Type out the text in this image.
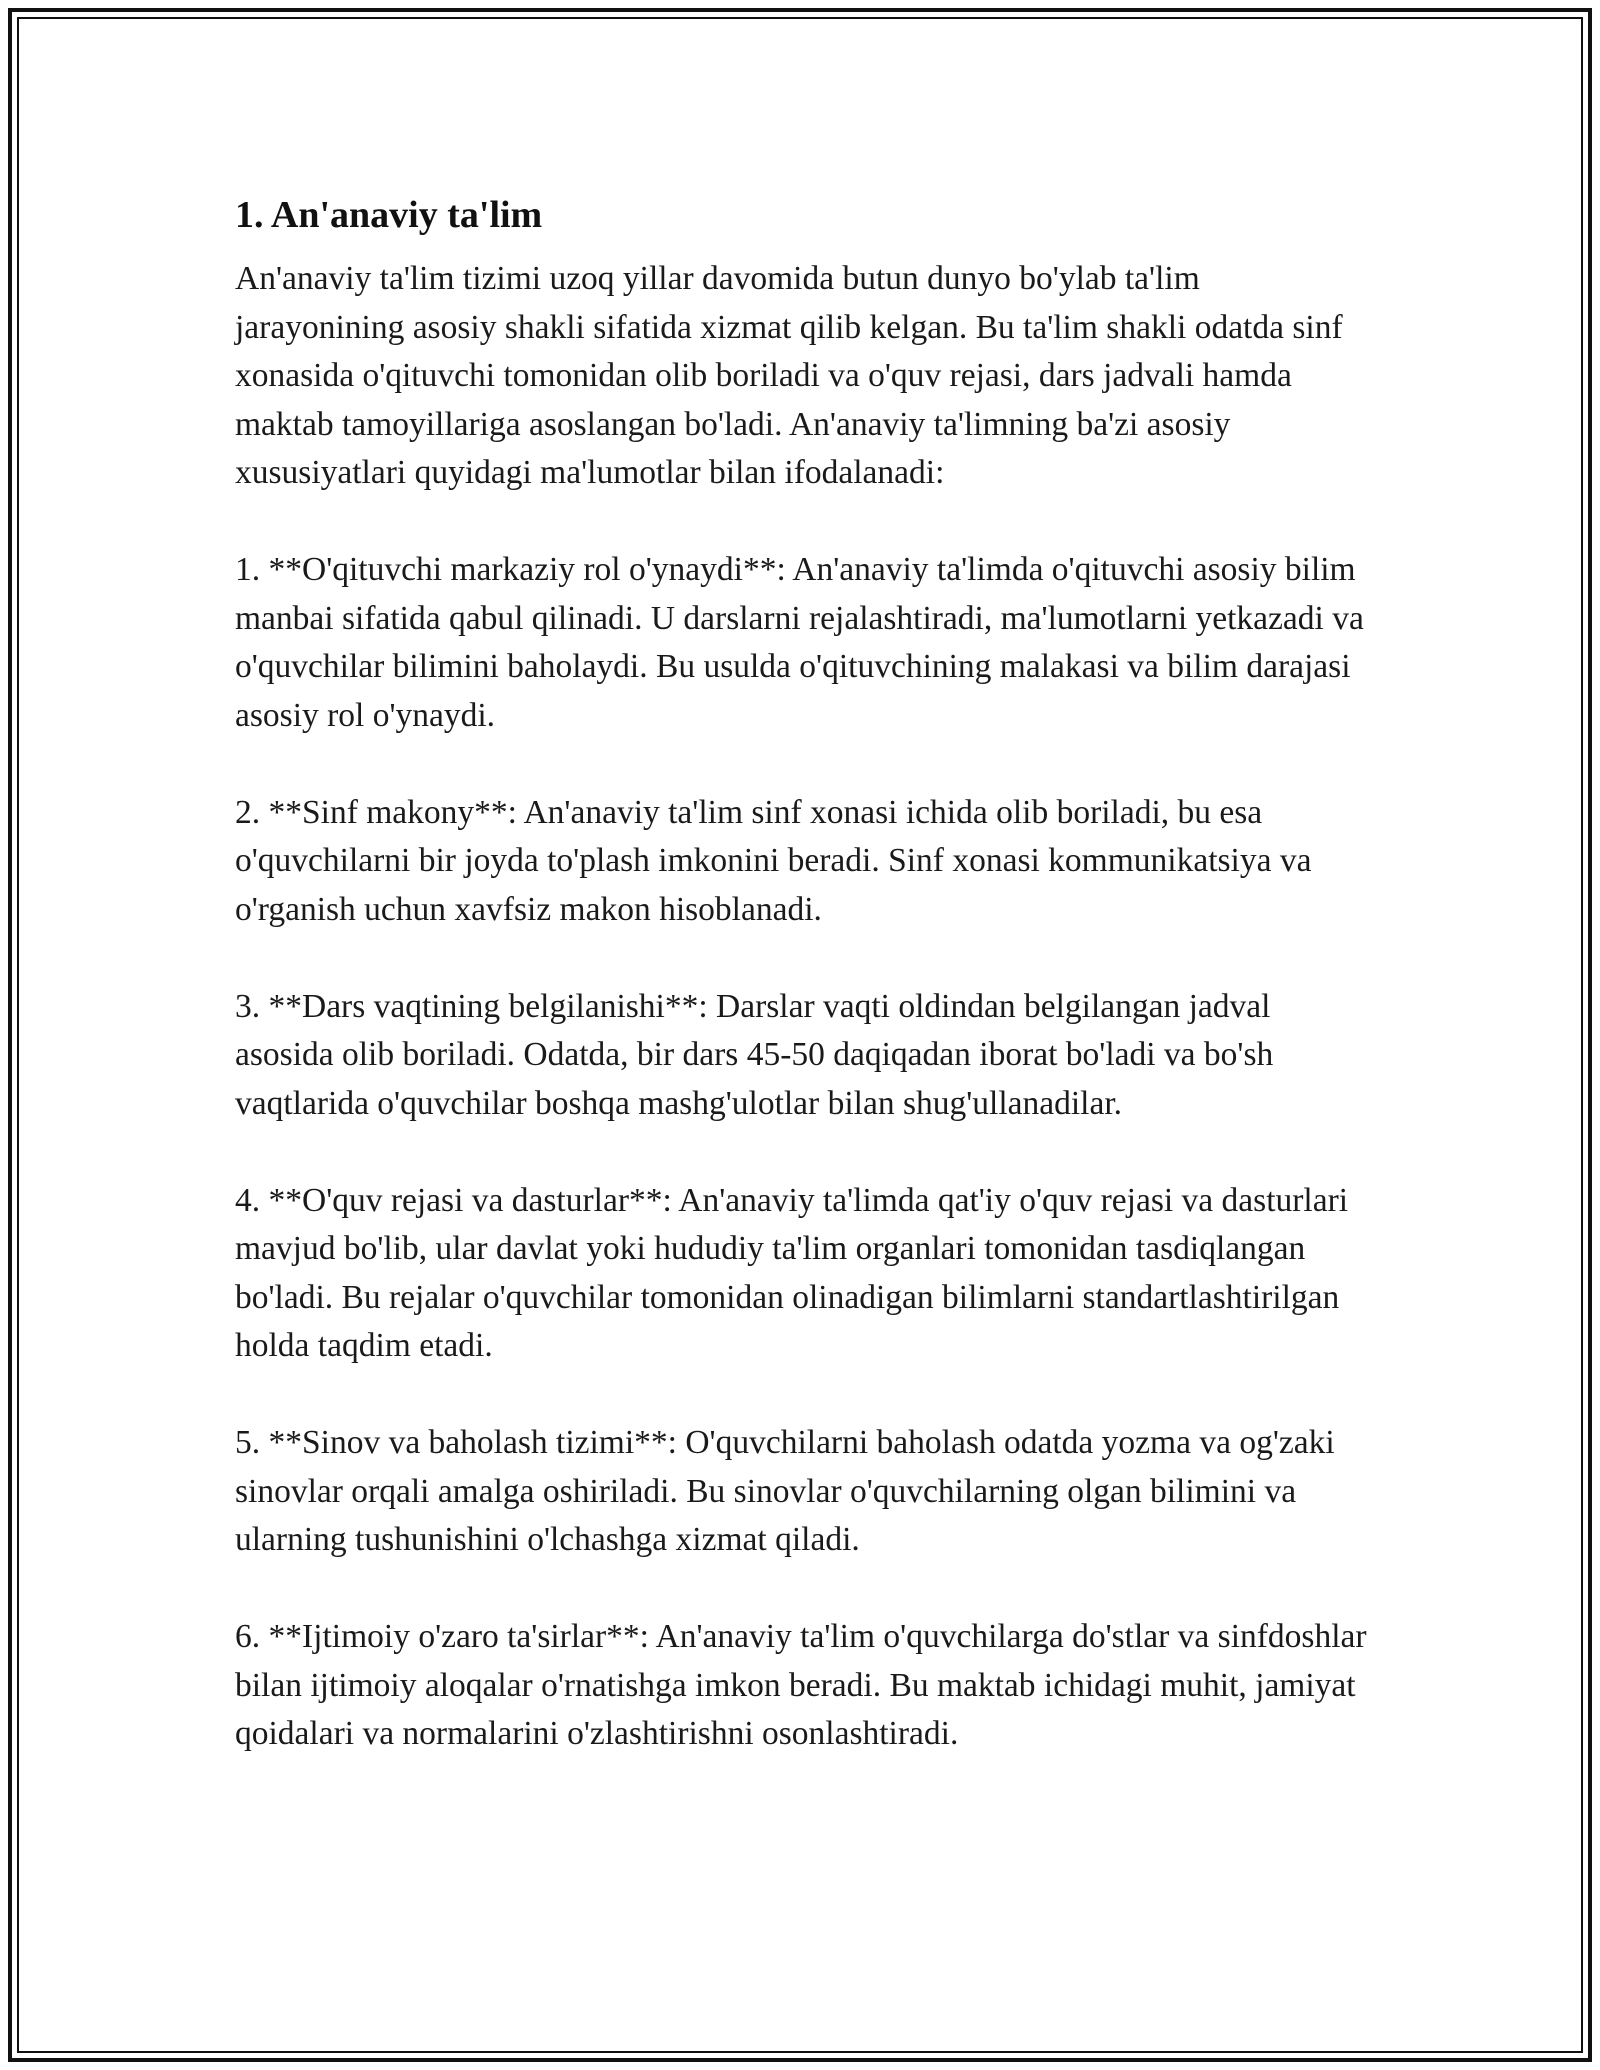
1. An'anaviy ta'lim

An'anaviy ta'lim tizimi uzoq yillar davomida butun dunyo bo'ylab ta'lim jarayonining asosiy shakli sifatida xizmat qilib kelgan. Bu ta'lim shakli odatda sinf xonasida o'qituvchi tomonidan olib boriladi va o'quv rejasi, dars jadvali hamda maktab tamoyillariga asoslangan bo'ladi. An'anaviy ta'limning ba'zi asosiy xususiyatlari quyidagi ma'lumotlar bilan ifodalanadi:

1. **O'qituvchi markaziy rol o'ynaydi**: An'anaviy ta'limda o'qituvchi asosiy bilim manbai sifatida qabul qilinadi. U darslarni rejalashtiradi, ma'lumotlarni yetkazadi va o'quvchilar bilimini baholaydi. Bu usulda o'qituvchining malakasi va bilim darajasi asosiy rol o'ynaydi.

2. **Sinf makony**: An'anaviy ta'lim sinf xonasi ichida olib boriladi, bu esa o'quvchilarni bir joyda to'plash imkonini beradi. Sinf xonasi kommunikatsiya va o'rganish uchun xavfsiz makon hisoblanadi.

3. **Dars vaqtining belgilanishi**: Darslar vaqti oldindan belgilangan jadval asosida olib boriladi. Odatda, bir dars 45-50 daqiqadan iborat bo'ladi va bo'sh vaqtlarida o'quvchilar boshqa mashg'ulotlar bilan shug'ullanadilar.

4. **O'quv rejasi va dasturlar**: An'anaviy ta'limda qat'iy o'quv rejasi va dasturlari mavjud bo'lib, ular davlat yoki hududiy ta'lim organlari tomonidan tasdiqlangan bo'ladi. Bu rejalar o'quvchilar tomonidan olinadigan bilimlarni standartlashtirilgan holda taqdim etadi.

5. **Sinov va baholash tizimi**: O'quvchilarni baholash odatda yozma va og'zaki sinovlar orqali amalga oshiriladi. Bu sinovlar o'quvchilarning olgan bilimini va ularning tushunishini o'lchashga xizmat qiladi.

6. **Ijtimoiy o'zaro ta'sirlar**: An'anaviy ta'lim o'quvchilarga do'stlar va sinfdoshlar bilan ijtimoiy aloqalar o'rnatishga imkon beradi. Bu maktab ichidagi muhit, jamiyat qoidalari va normalarini o'zlashtirishni osonlashtiradi.
